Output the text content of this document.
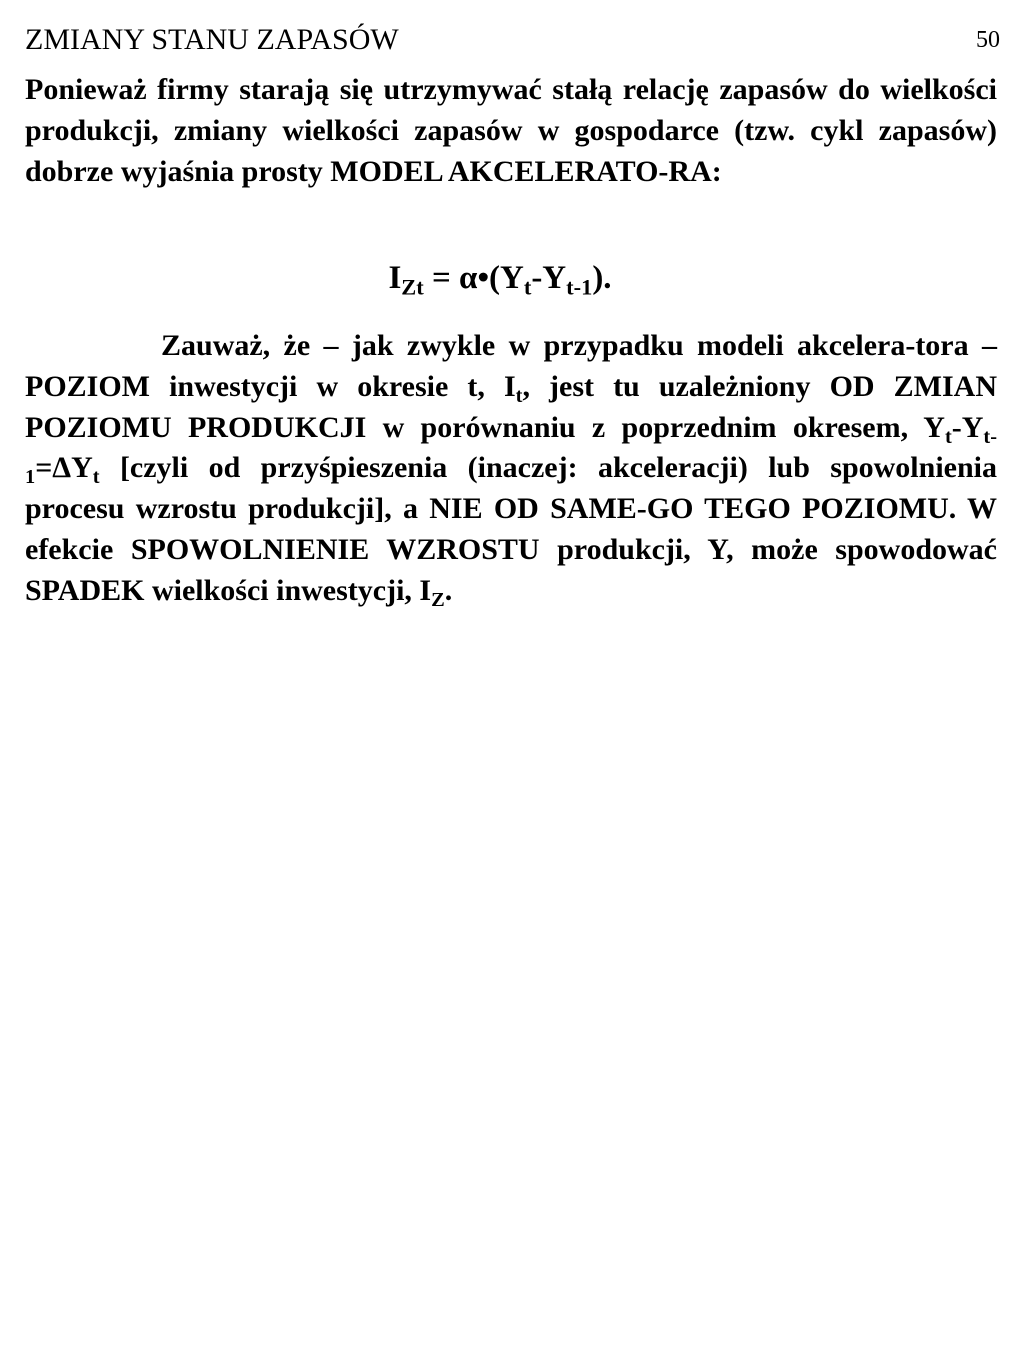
ZMIANY STANU ZAPASÓW	50
Ponieważ firmy starają się utrzymywać stałą relację zapasów do wielkości produkcji, zmiany wielkości zapasów w gospodarce (tzw. cykl zapasów) dobrze wyjaśnia prosty MODEL AKCELERATO-RA:
$I_{Zt}$ = $\alpha•(Y_t-Y_{t-1})$.
Zauważ, że – jak zwykle w przypadku modeli akcelera-tora – POZIOM inwestycji w okresie t, $I_t$, jest tu uzależniony OD ZMIAN POZIOMU PRODUKCJI w porównaniu z poprzednim okresem, $Y_t-Y_{t-1}=\Delta Y_t$ [czyli od przyśpieszenia (inaczej: akceleracji) lub spowolnienia procesu wzrostu produkcji], a NIE OD SAME-GO TEGO POZIOMU. W efekcie SPOWOLNIENIE WZROSTU produkcji, Y, może spowodować SPADEK wielkości inwestycji, $I_Z$.
